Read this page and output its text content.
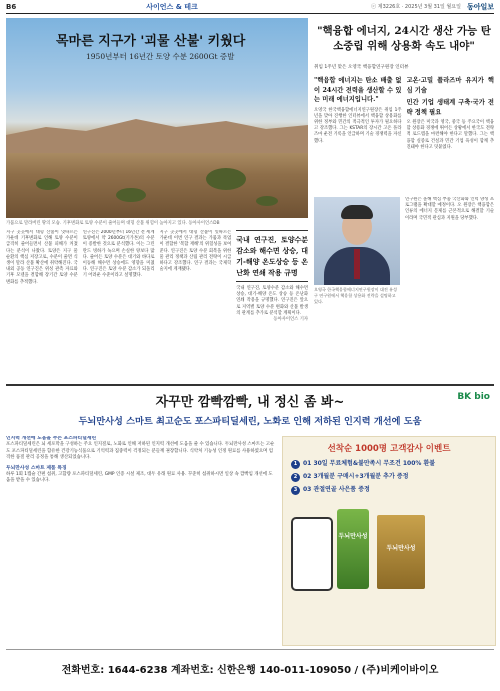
B6	사이언스 & 테크	ⓒ 제3226호 · 2025년 3월 31일 월요일 동아일보
목마른 지구가 '괴물 산불' 키웠다
1950년부터 16년간 토양 수분 2600Gt 증발
가뭄으로 말라버린 땅의 모습. 기후변화로 토양 수분이 줄어들며 대형 산불 위험이 높아지고 있다. 동아사이언스DB
지구 곳곳에서 대형 산불이 잇따르는 가운데 기후변화로 인해 토양 수분이 급격히 줄어들면서 산불 피해가 커졌다는 분석이 나왔다. 토양은 지구 물 순환의 핵심 저장고로, 수분이 줄면 식생이 말라 산불 확산에 취약해진다. 국내외 공동 연구진은 위성 관측 자료와 기후 모델을 결합해 장기간 토양 수분 변화를 추적했다.
연구진은 2000년부터 16년간 전 세계 토양에서 약 2600Gt(기가톤)의 수분이 증발한 것으로 분석했다. 이는 그린란드 빙하가 녹으며 손실한 양보다 많다. 줄어든 토양 수분은 대기와 바다로 이동해 해수면 상승에도 영향을 미쳤다. 연구진은 토양 수분 감소가 되돌리기 어려운 수준이라고 설명했다.
지구 곳곳에서 대형 산불이 잇따르는 가운데 이번 연구 결과는 가뭄과 폭염이 결합한 '복합 재해'의 위험성을 보여준다. 연구진은 토양 수분 회복을 위한 물 관리 정책과 산림 관리 전략이 시급하다고 강조했다. 연구 결과는 국제학술지에 게재됐다.
국내 연구진, 토양수분 감소와 해수면 상승, 대기-해양 온도상승 등 온난화 연쇄 작용 규명
국내 연구진, 토양수분 감소와 해수면 상승, 대기-해양 온도 상승 등 온난화 연쇄 작용을 규명했다. 연구진은 앞으로 지역별 토양 수분 변화와 산불 발생의 관계를 추가로 분석할 계획이다.
동아사이언스 기자
"핵융합 에너지, 24시간 생산 가능 탄소중립 위해 상용화 속도 내야"
취임 1주년 맞은 오영국 핵융합연구원장 인터뷰
"핵융합 에너지는 탄소 배출 없이 24시간 전력을 생산할 수 있는 미래 에너지입니다."
오영국 한국핵융합에너지연구원장은 취임 1주년을 맞아 진행한 인터뷰에서 핵융합 상용화를 위한 정부와 민간의 적극적인 투자가 필요하다고 강조했다. 그는 KSTAR의 장시간 고온 플라즈마 운전 기록을 언급하며 기술 경쟁력을 자신했다.
고온·고밀 플라즈마 유지가 핵심 기술
민간 기업 생태계 구축·국가 전략 정책 필요
오 원장은 미국과 영국, 중국 등 주요국이 핵융합 상용화 경쟁에 뛰어든 상황에서 한국도 전략적 로드맵을 마련해야 한다고 말했다. 그는 핵융합 실증로 건설과 민간 기업 육성이 함께 추진돼야 한다고 덧붙였다.
오영국 한국핵융합에너지연구원장이 대전 유성구 연구원에서 핵융합 상용화 전략을 설명하고 있다.
연구원은 올해 핵심 부품 국산화와 인력 양성 프로그램을 확대할 예정이다. 오 원장은 핵융합은 인류의 에너지 문제를 근본적으로 해결할 기술이라며 국민적 관심과 지원을 당부했다.
자꾸만 깜빡깜빡, 내 정신 좀 봐~	BK bio
두뇌만사성 스마트 최고순도 포스파티딜세린, 노화로 인해 저하된 인지력 개선에 도움
인지력 개선에 도움을 주는 포스파티딜세린
포스파티딜세린은 뇌 세포막을 구성하는 주요 인지질로, 노화로 인해 저하된 인지력 개선에 도움을 줄 수 있습니다. 두뇌만사성 스마트는 고순도 포스파티딜세린을 함유한 건강기능식품으로 기억력과 집중력이 걱정되는 분들께 권장합니다. 식약처 기능성 인정 원료를 사용하였으며 엄격한 품질 관리 공정을 통해 생산되었습니다.
두뇌만사성 스마트 제품 특징
하루 1회 1캡슐 간편 섭취, 고함량 포스파티딜세린, GMP 인증 시설 제조, 대두 유래 원료 사용. 꾸준히 섭취하시면 일상 속 깜빡임 개선에 도움을 받을 수 있습니다.
선착순 1000명 고객감사 이벤트
1 01 30일 무료체험&불만족시 무조건 100% 환불
2 02 3개월분 구매시+3개월분 추가 증정
3 03 관절연골 사은품 증정
두뇌만사성
두뇌만사성
전화번호: 1644-6238 계좌번호: 신한은행 140-011-109050 / (주)비케이바이오
